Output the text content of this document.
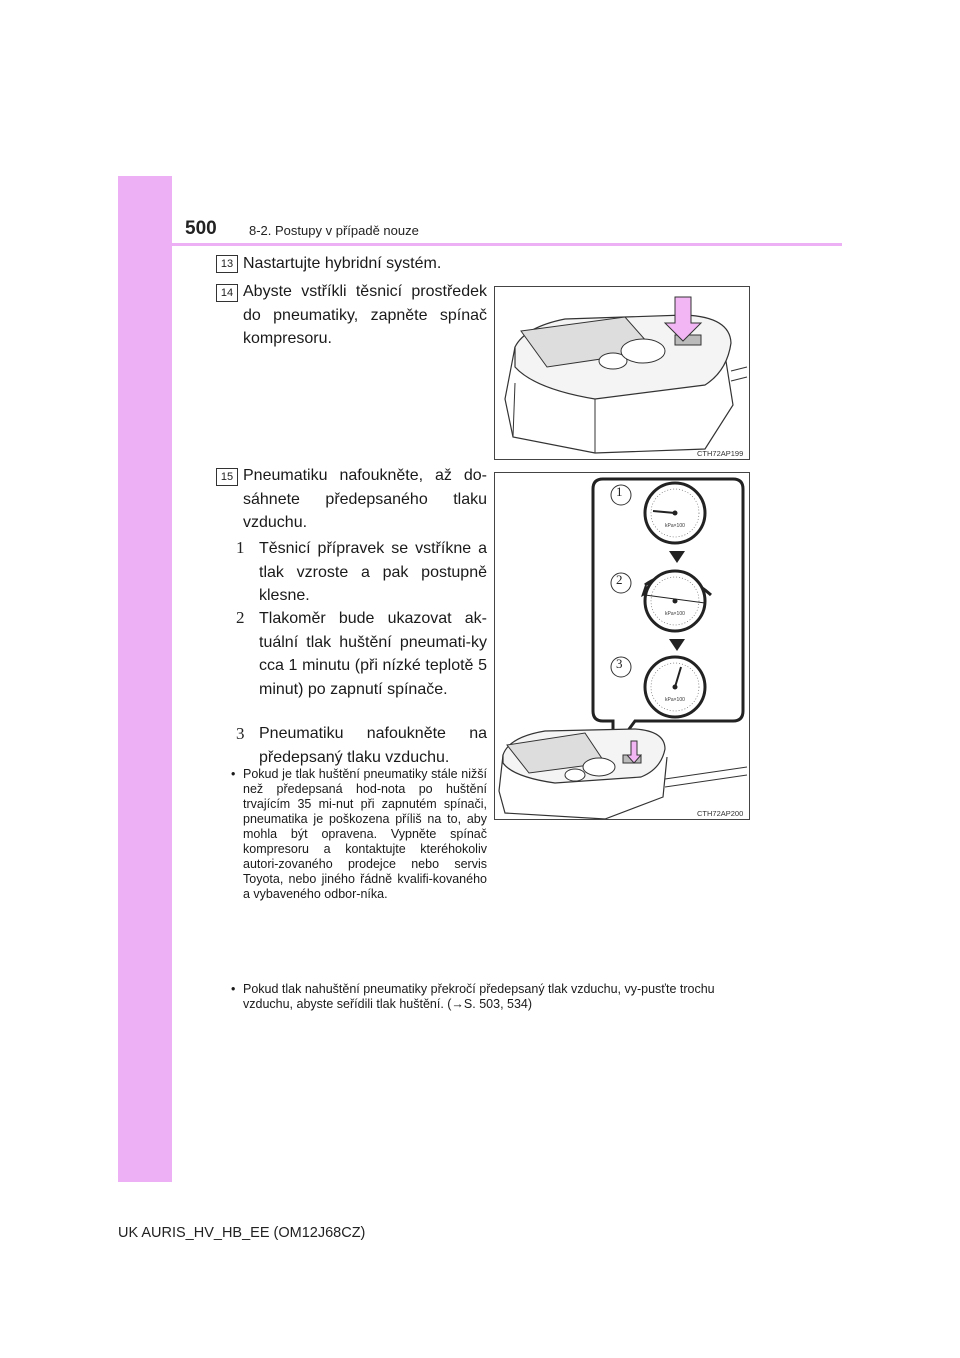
500 8-2. Postupy v případě nouze
13 Nastartujte hybridní systém.
14 Abyste vstříkli těsnicí prostředek do pneumatiky, zapněte spínač kompresoru.
CTH72AP199
15 Pneumatiku nafoukněte, až do-sáhnete předepsaného tlaku vzduchu.
1 Těsnicí přípravek se vstříkne a tlak vzroste a pak postupně klesne.
2 Tlakoměr bude ukazovat ak-tuální tlak huštění pneumati-ky cca 1 minutu (při nízké teplotě 5 minut) po zapnutí spínače.
3 Pneumatiku nafoukněte na předepsaný tlaku vzduchu.
1
2
3
kPa×100
kPa×100
kPa×100
CTH72AP200
• Pokud je tlak huštění pneumatiky stále nižší než předepsaná hod-nota po huštění trvajícím 35 mi-nut při zapnutém spínači, pneumatika je poškozena příliš na to, aby mohla být opravena. Vypněte spínač kompresoru a kontaktujte kteréhokoliv autori-zovaného prodejce nebo servis Toyota, nebo jiného řádně kvalifi-kovaného a vybaveného odbor-níka.
• Pokud tlak nahuštění pneumatiky překročí předepsaný tlak vzduchu, vy-pusťte trochu vzduchu, abyste seřídili tlak huštění. (→S. 503, 534)
UK AURIS_HV_HB_EE (OM12J68CZ)
